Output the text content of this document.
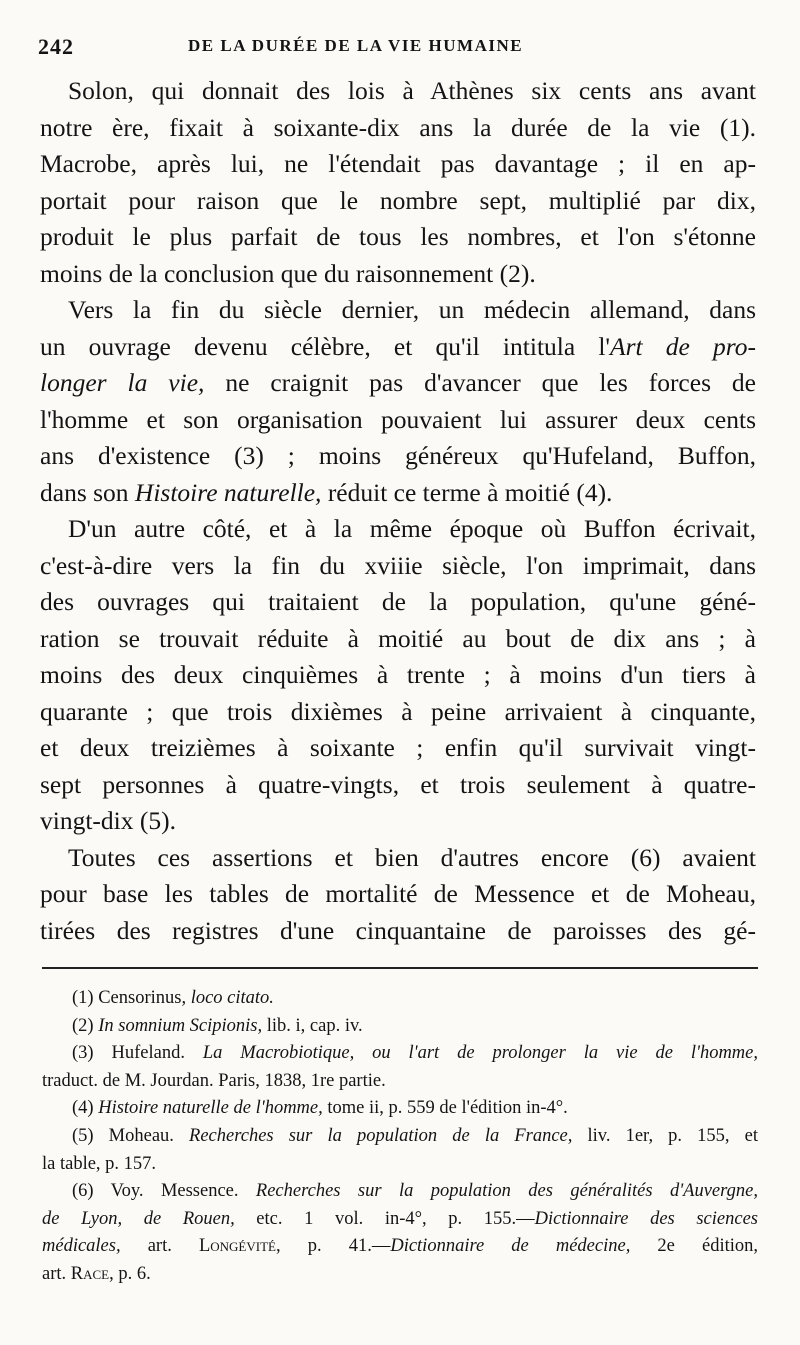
242	DE LA DURÉE DE LA VIE HUMAINE
Solon, qui donnait des lois à Athènes six cents ans avant
notre ère, fixait à soixante-dix ans la durée de la vie (1).
Macrobe, après lui, ne l'étendait pas davantage ; il en ap-
portait pour raison que le nombre sept, multiplié par dix,
produit le plus parfait de tous les nombres, et l'on s'étonne
moins de la conclusion que du raisonnement (2).
Vers la fin du siècle dernier, un médecin allemand, dans
un ouvrage devenu célèbre, et qu'il intitula l'Art de pro-
longer la vie, ne craignit pas d'avancer que les forces de
l'homme et son organisation pouvaient lui assurer deux cents
ans d'existence (3) ; moins généreux qu'Hufeland, Buffon,
dans son Histoire naturelle, réduit ce terme à moitié (4).
D'un autre côté, et à la même époque où Buffon écrivait,
c'est-à-dire vers la fin du xviiie siècle, l'on imprimait, dans
des ouvrages qui traitaient de la population, qu'une géné-
ration se trouvait réduite à moitié au bout de dix ans ; à
moins des deux cinquièmes à trente ; à moins d'un tiers à
quarante ; que trois dixièmes à peine arrivaient à cinquante,
et deux treizièmes à soixante ; enfin qu'il survivait vingt-
sept personnes à quatre-vingts, et trois seulement à quatre-
vingt-dix (5).
Toutes ces assertions et bien d'autres encore (6) avaient
pour base les tables de mortalité de Messence et de Moheau,
tirées des registres d'une cinquantaine de paroisses des gé-
(1) Censorinus, loco citato.
(2) In somnium Scipionis, lib. i, cap. iv.
(3) Hufeland. La Macrobiotique, ou l'art de prolonger la vie de l'homme,
traduct. de M. Jourdan. Paris, 1838, 1re partie.
(4) Histoire naturelle de l'homme, tome ii, p. 559 de l'édition in-4°.
(5) Moheau. Recherches sur la population de la France, liv. 1er, p. 155, et
la table, p. 157.
(6) Voy. Messence. Recherches sur la population des généralités d'Auvergne,
de Lyon, de Rouen, etc. 1 vol. in-4°, p. 155.—Dictionnaire des sciences
médicales, art. Longévité, p. 41.—Dictionnaire de médecine, 2e édition,
art. Race, p. 6.
